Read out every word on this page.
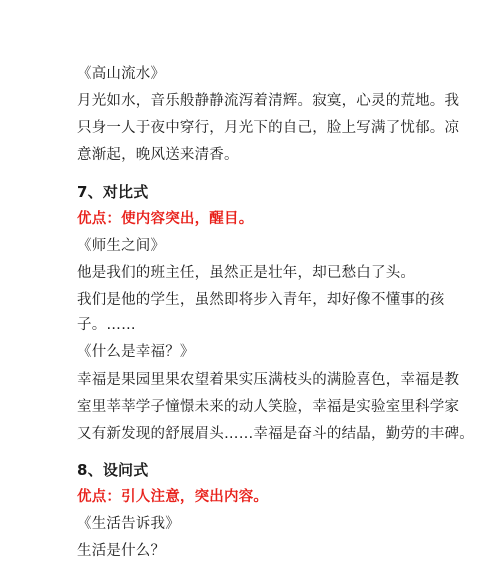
《高山流水》
月光如水，音乐般静静流泻着清辉。寂寞，心灵的荒地。我
只身一人于夜中穿行，月光下的自己，脸上写满了忧郁。凉
意渐起，晚风送来清香。
7、对比式
优点：使内容突出，醒目。
《师生之间》
他是我们的班主任，虽然正是壮年，却已愁白了头。
我们是他的学生，虽然即将步入青年，却好像不懂事的孩
子。……
《什么是幸福？》
幸福是果园里果农望着果实压满枝头的满脸喜色，幸福是教
室里莘莘学子憧憬未来的动人笑脸，幸福是实验室里科学家
又有新发现的舒展眉头……幸福是奋斗的结晶，勤劳的丰碑。
8、设问式
优点：引人注意，突出内容。
《生活告诉我》
生活是什么？
